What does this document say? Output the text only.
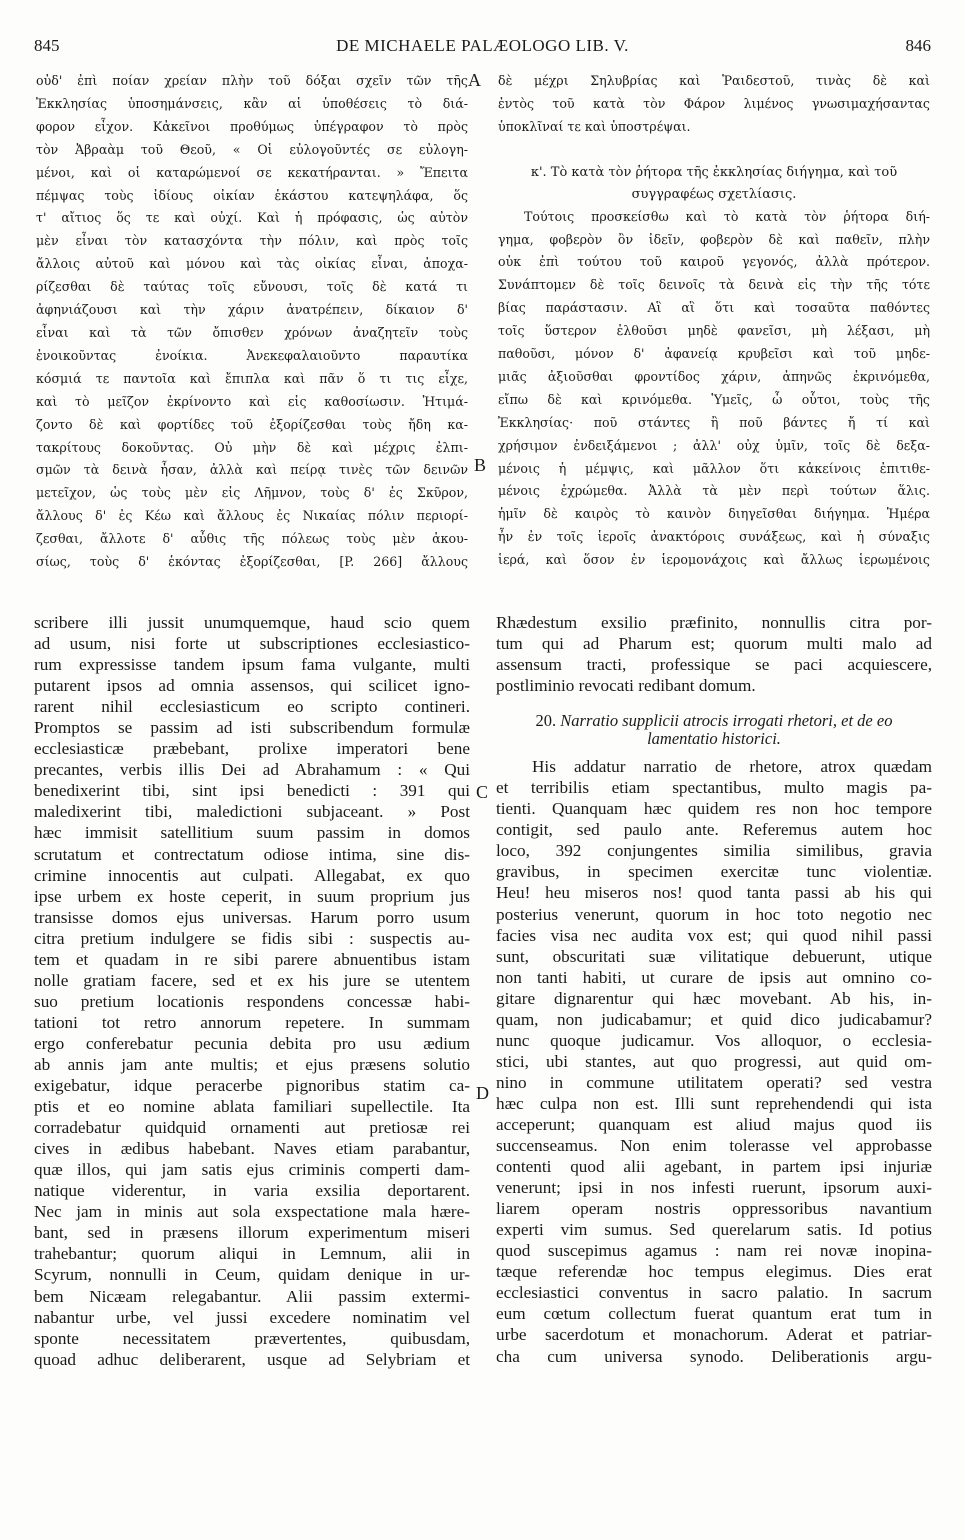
845	DE MICHAELE PALÆOLOGO LIB. V.	846
A
B
C
D
οὐδ' ἐπὶ ποίαν χρείαν πλὴν τοῦ δόξαι σχεῖν τῶν τῆς
Ἐκκλησίας ὑποσημάνσεις, κἂν αἱ ὑποθέσεις τὸ διά-
φορον εἶχον. Κἀκεῖνοι προθύμως ὑπέγραφον τὸ πρὸς
τὸν Ἀβραὰμ τοῦ Θεοῦ, « Οἱ εὐλογοῦντές σε εὐλογη-
μένοι, καὶ οἱ καταρώμενοί σε κεκατήρανται. » Ἔπειτα
πέμψας τοὺς ἰδίους οἰκίαν ἑκάστου κατεψηλάφα, ὅς
τ' αἴτιος ὅς τε καὶ οὐχί. Καὶ ἡ πρόφασις, ὡς αὐτὸν
μὲν εἶναι τὸν κατασχόντα τὴν πόλιν, καὶ πρὸς τοῖς
ἄλλοις αὐτοῦ καὶ μόνου καὶ τὰς οἰκίας εἶναι, ἀποχα-
ρίζεσθαι δὲ ταύτας τοῖς εὔνουσι, τοῖς δὲ κατά τι
ἀφηνιάζουσι καὶ τὴν χάριν ἀνατρέπειν, δίκαιον δ'
εἶναι καὶ τὰ τῶν ὄπισθεν χρόνων ἀναζητεῖν τοὺς
ἐνοικοῦντας ἐνοίκια. Ἀνεκεφαλαιοῦντο παραυτίκα
κόσμιά τε παντοῖα καὶ ἔπιπλα καὶ πᾶν ὅ τι τις εἶχε,
καὶ τὸ μεῖζον ἐκρίνοντο καὶ εἰς καθοσίωσιν. Ἠτιμά-
ζοντο δὲ καὶ φορτίδες τοῦ ἐξορίζεσθαι τοὺς ἤδη κα-
τακρίτους δοκοῦντας. Οὐ μὴν δὲ καὶ μέχρις ἐλπι-
σμῶν τὰ δεινὰ ἦσαν, ἀλλὰ καὶ πείρᾳ τινὲς τῶν δεινῶν
μετεῖχον, ὡς τοὺς μὲν εἰς Λῆμνον, τοὺς δ' ἐς Σκῦρον,
ἄλλους δ' ἐς Κέω καὶ ἄλλους ἐς Νικαίας πόλιν περιορί-
ζεσθαι, ἄλλοτε δ' αὖθις τῆς πόλεως τοὺς μὲν ἀκου-
σίως, τοὺς δ' ἑκόντας ἐξορίζεσθαι, [P. 266] ἄλλους
δὲ μέχρι Σηλυβρίας καὶ Ῥαιδεστοῦ, τινὰς δὲ καὶ
ἐντὸς τοῦ κατὰ τὸν Φάρον λιμένος γνωσιμαχήσαντας
ὑποκλῖναί τε καὶ ὑποστρέψαι.
κ'. Τὸ κατὰ τὸν ῥήτορα τῆς ἐκκλησίας διήγημα, καὶ τοῦ συγγραφέως σχετλίασις.
Τούτοις προσκείσθω καὶ τὸ κατὰ τὸν ῥήτορα διή-
γημα, φοβερὸν ὂν ἰδεῖν, φοβερὸν δὲ καὶ παθεῖν, πλὴν
οὐκ ἐπὶ τούτου τοῦ καιροῦ γεγονός, ἀλλὰ πρότερον.
Συνάπτομεν δὲ τοῖς δεινοῖς τὰ δεινὰ εἰς τὴν τῆς τότε
βίας παράστασιν. Αἳ αἳ ὅτι καὶ τοσαῦτα παθόντες
τοῖς ὕστερον ἐλθοῦσι μηδὲ φανεῖσι, μὴ λέξασι, μὴ
παθοῦσι, μόνον δ' ἀφανείᾳ κρυβεῖσι καὶ τοῦ μηδε-
μιᾶς ἀξιοῦσθαι φροντίδος χάριν, ἀπηνῶς ἐκρινόμεθα,
εἴπω δὲ καὶ κρινόμεθα. Ὑμεῖς, ὦ οὗτοι, τοὺς τῆς
Ἐκκλησίας· ποῦ στάντες ἢ ποῦ βάντες ἤ τί καὶ
χρήσιμον ἐνδειξάμενοι ; ἀλλ' οὐχ ὑμῖν, τοῖς δὲ δεξα-
μένοις ἡ μέμψις, καὶ μᾶλλον ὅτι κἀκείνοις ἐπιτιθε-
μένοις ἐχρώμεθα. Ἀλλὰ τὰ μὲν περὶ τούτων ἅλις.
ἡμῖν δὲ καιρὸς τὸ καινὸν διηγεῖσθαι διήγημα. Ἡμέρα
ἦν ἐν τοῖς ἱεροῖς ἀνακτόροις συνάξεως, καὶ ἡ σύναξις
ἱερά, καὶ ὅσον ἐν ἱερομονάχοις καὶ ἄλλως ἱερωμένοις
scribere illi jussit unumquemque, haud scio quem
ad usum, nisi forte ut subscriptiones ecclesiastico-
rum expressisse tandem ipsum fama vulgante, multi
putarent ipsos ad omnia assensos, qui scilicet igno-
rarent nihil ecclesiasticum eo scripto contineri.
Promptos se passim ad isti subscribendum formulæ
ecclesiasticæ præbebant, prolixe imperatori bene
precantes, verbis illis Dei ad Abrahamum : « Qui
benedixerint tibi, sint ipsi benedicti : 391 qui
maledixerint tibi, maledictioni subjaceant. » Post
hæc immisit satellitium suum passim in domos
scrutatum et contrectatum odiose intima, sine dis-
crimine innocentis aut culpati. Allegabat, ex quo
ipse urbem ex hoste ceperit, in suum proprium jus
transisse domos ejus universas. Harum porro usum
citra pretium indulgere se fidis sibi : suspectis au-
tem et quadam in re sibi parere abnuentibus istam
nolle gratiam facere, sed et ex his jure se utentem
suo pretium locationis respondens concessæ habi-
tationi tot retro annorum repetere. In summam
ergo conferebatur pecunia debita pro usu ædium
ab annis jam ante multis; et ejus præsens solutio
exigebatur, idque peracerbe pignoribus statim ca-
ptis et eo nomine ablata familiari supellectile. Ita
corradebatur quidquid ornamenti aut pretiosæ rei
cives in ædibus habebant. Naves etiam parabantur,
quæ illos, qui jam satis ejus criminis comperti dam-
natique viderentur, in varia exsilia deportarent.
Nec jam in minis aut sola exspectatione mala hære-
bant, sed in præsens illorum experimentum miseri
trahebantur; quorum aliqui in Lemnum, alii in
Scyrum, nonnulli in Ceum, quidam denique in ur-
bem Nicæam relegabantur. Alii passim extermi-
nabantur urbe, vel jussi excedere nominatim vel
sponte necessitatem prævertentes, quibusdam,
quoad adhuc deliberarent, usque ad Selybriam et
Rhædestum exsilio præfinito, nonnullis citra por-
tum qui ad Pharum est; quorum multi malo ad
assensum tracti, professique se paci acquiescere,
postliminio revocati redibant domum.
20. Narratio supplicii atrocis irrogati rhetori, et de eo lamentatio historici.
His addatur narratio de rhetore, atrox quædam
et terribilis etiam spectantibus, multo magis pa-
tienti. Quanquam hæc quidem res non hoc tempore
contigit, sed paulo ante. Referemus autem hoc
loco, 392 conjungentes similia similibus, gravia
gravibus, in specimen exercitæ tunc violentiæ.
Heu! heu miseros nos! quod tanta passi ab his qui
posterius venerunt, quorum in hoc toto negotio nec
facies visa nec audita vox est; qui quod nihil passi
sunt, obscuritati suæ vilitatique debuerunt, utique
non tanti habiti, ut curare de ipsis aut omnino co-
gitare dignarentur qui hæc movebant. Ab his, in-
quam, non judicabamur; et quid dico judicabamur?
nunc quoque judicamur. Vos alloquor, o ecclesia-
stici, ubi stantes, aut quo progressi, aut quid om-
nino in commune utilitatem operati? sed vestra
hæc culpa non est. Illi sunt reprehendendi qui ista
acceperunt; quanquam est aliud majus quod iis
succenseamus. Non enim tolerasse vel approbasse
contenti quod alii agebant, in partem ipsi injuriæ
venerunt; ipsi in nos infesti ruerunt, ipsorum auxi-
liarem operam nostris oppressoribus navantium
experti vim sumus. Sed querelarum satis. Id potius
quod suscepimus agamus : nam rei novæ inopina-
tæque referendæ hoc tempus elegimus. Dies erat
ecclesiastici conventus in sacro palatio. In sacrum
eum cœtum collectum fuerat quantum erat tum in
urbe sacerdotum et monachorum. Aderat et patriar-
cha cum universa synodo. Deliberationis argu-
